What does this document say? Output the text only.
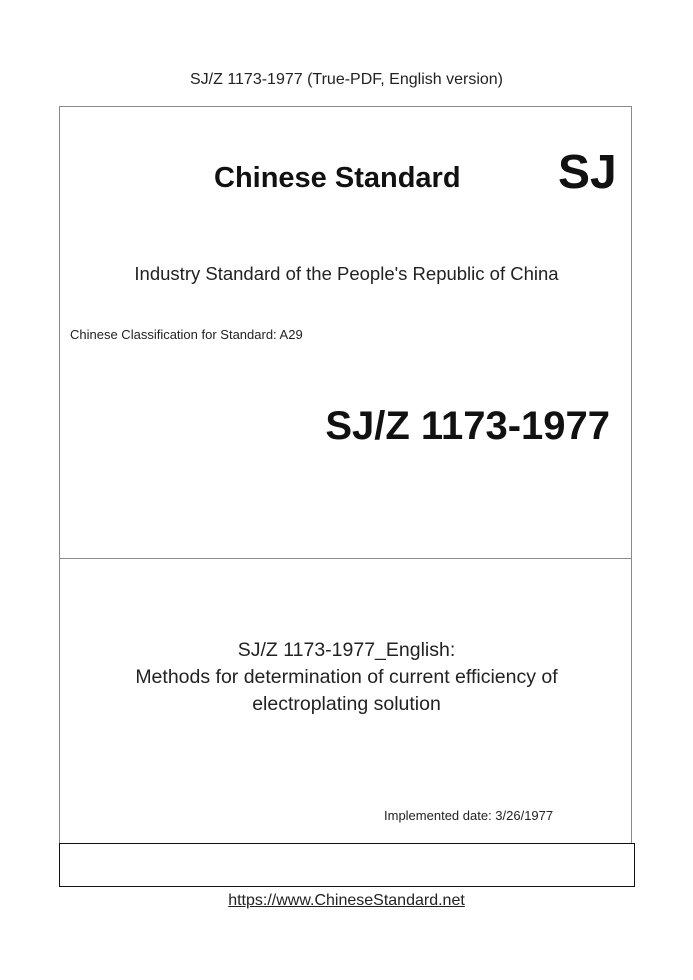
SJ/Z 1173-1977 (True-PDF, English version)
Chinese Standard SJ
Industry Standard of the People's Republic of China
Chinese Classification for Standard: A29
SJ/Z 1173-1977
SJ/Z 1173-1977_English:
Methods for determination of current efficiency of
electroplating solution
Implemented date: 3/26/1977
https://www.ChineseStandard.net
